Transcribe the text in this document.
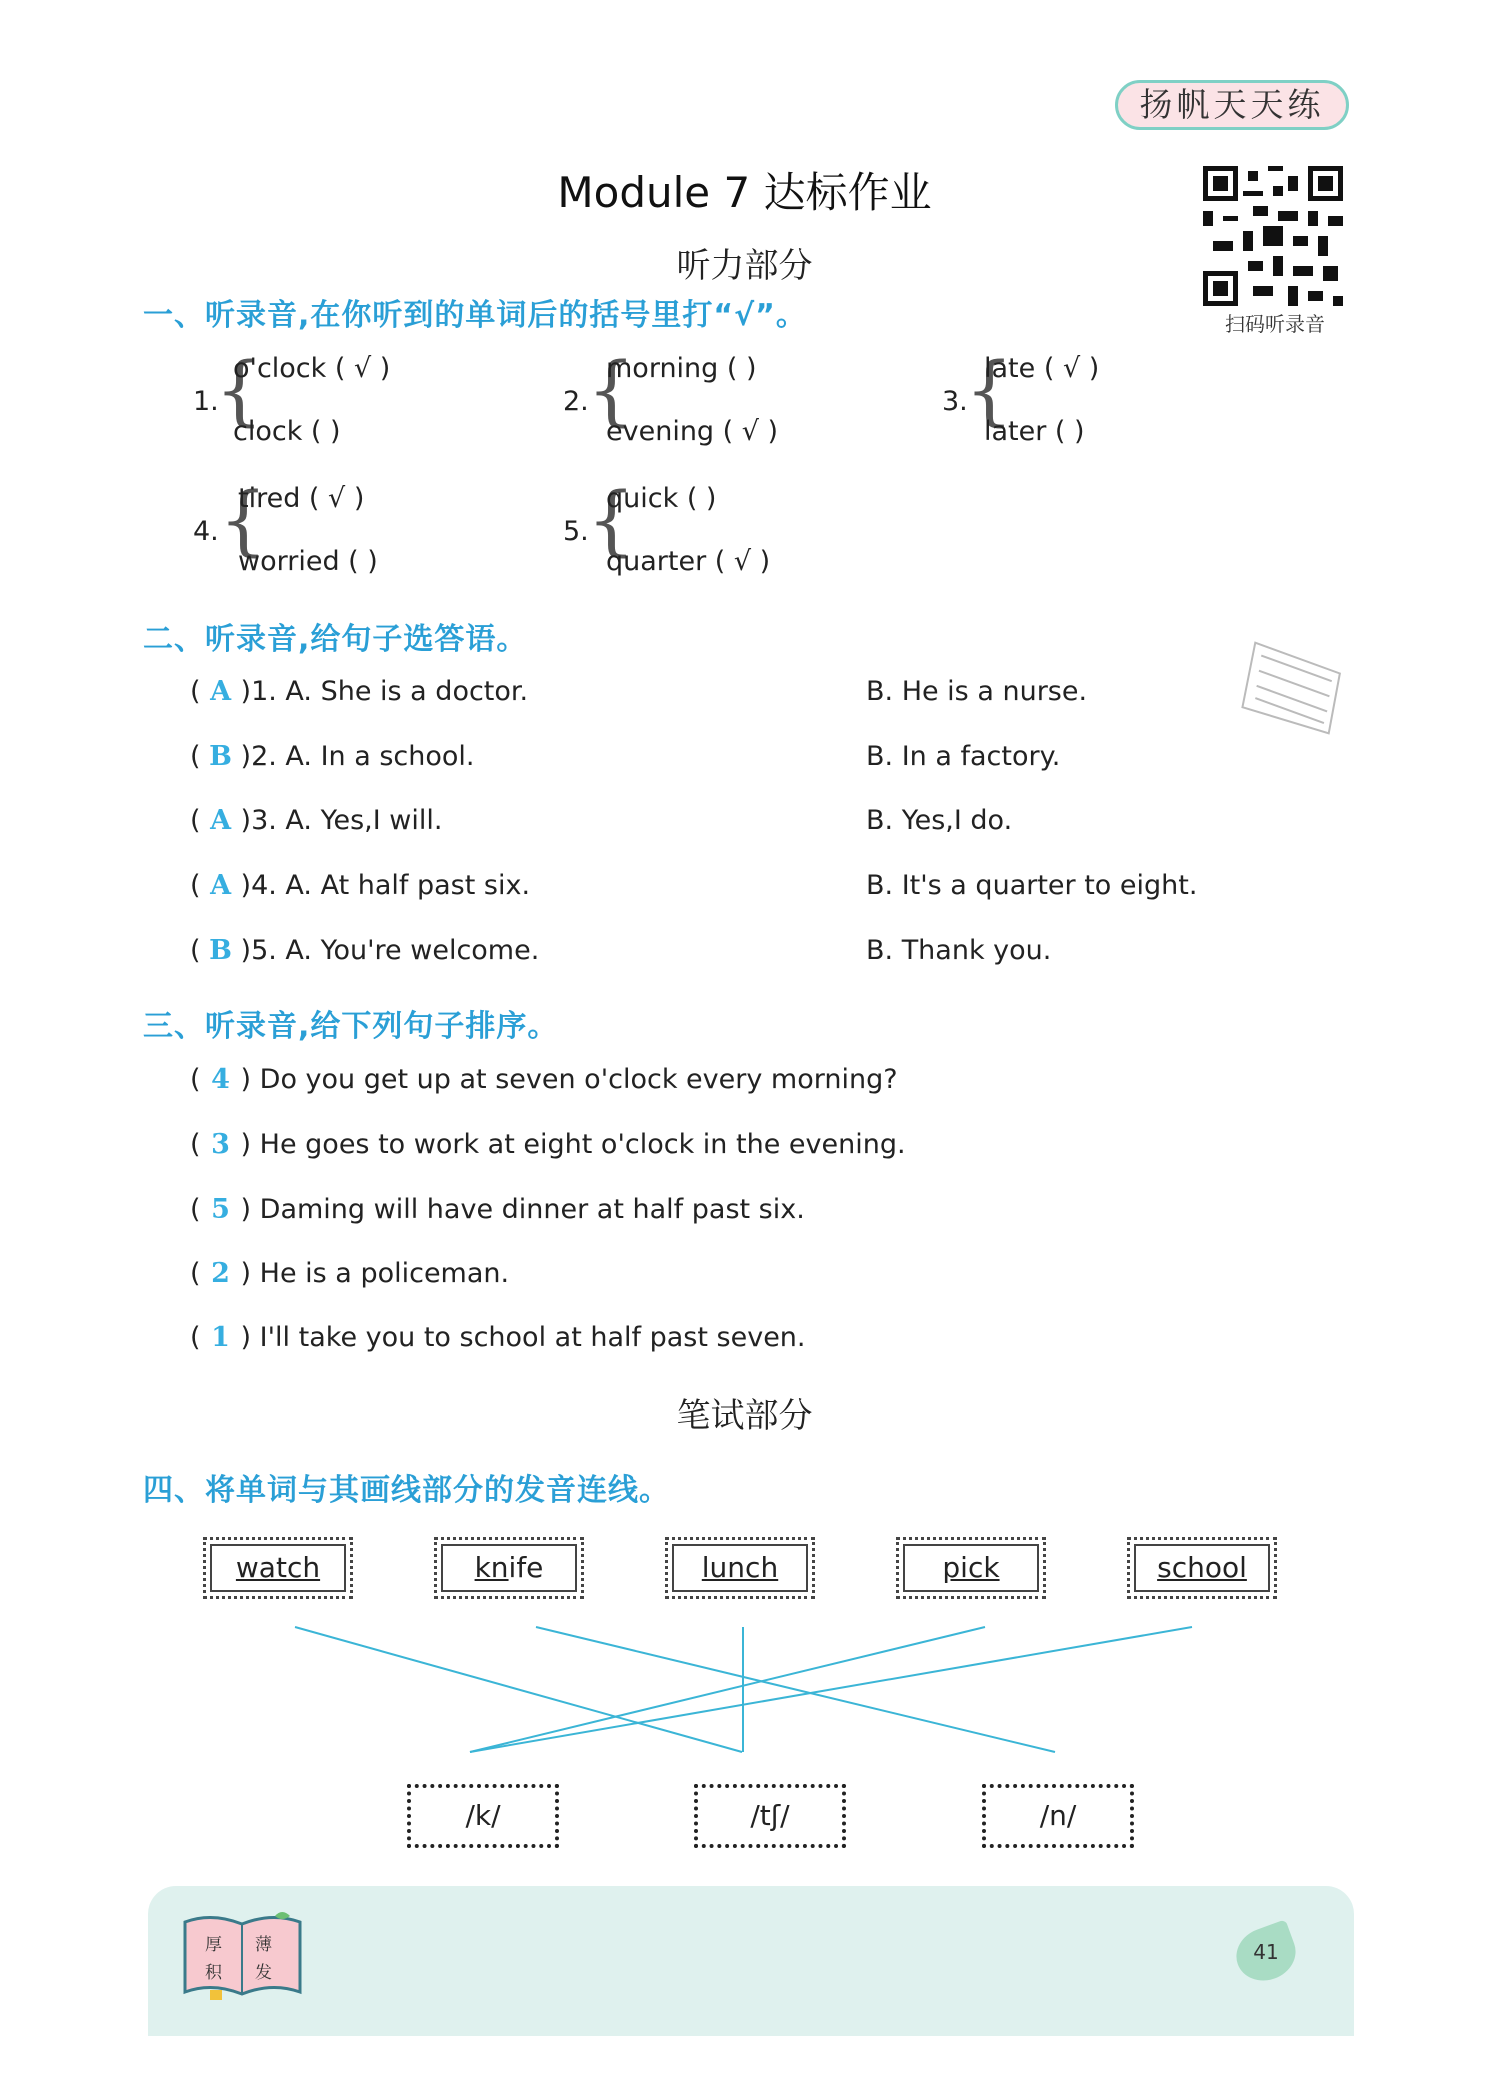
扬帆天天练
Module 7 达标作业
扫码听录音
听力部分
一、听录音,在你听到的单词后的括号里打“√”。
1.
{
o'clock ( √ )
clock ( )
2.
{
morning ( )
evening ( √ )
3.
{
late ( √ )
later ( )
4. {
tired ( √ )
worried ( )
5.
{
quick ( )
quarter ( √ )
二、听录音,给句子选答语。
( A )1. A. She is a doctor.	B. He is a nurse.
( B )2. A. In a school.	B. In a factory.
( A )3. A. Yes,I will.	B. Yes,I do.
( A )4. A. At half past six.	B. It's a quarter to eight.
( B )5. A. You're welcome.	B. Thank you.
三、听录音,给下列句子排序。
( 4 ) Do you get up at seven o'clock every morning?
( 3 ) He goes to work at eight o'clock in the evening.
( 5 ) Daming will have dinner at half past six.
( 2 ) He is a policeman.
( 1 ) I'll take you to school at half past seven.
笔试部分
四、将单词与其画线部分的发音连线。
watch	knife	lunch	pick	school
/k/	/tʃ/	/n/
厚 薄
积 发
41
